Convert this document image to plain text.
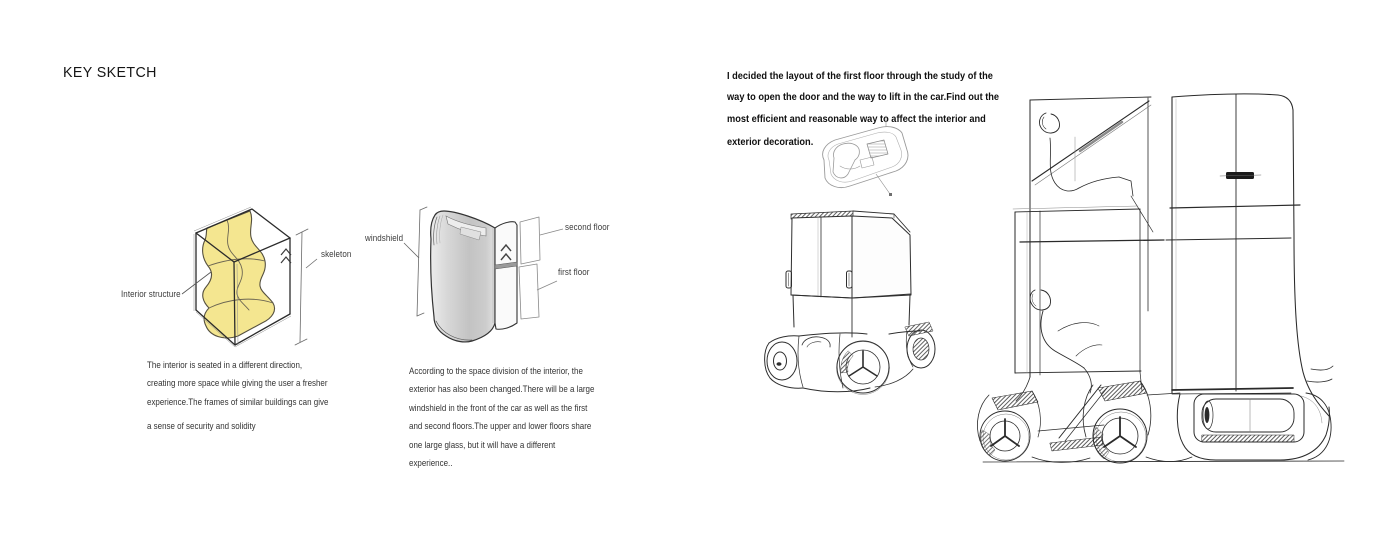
KEY SKETCH
Interior structure
skeleton
The interior is seated in a different direction,
creating more space while giving the user a fresher
experience.The frames of similar buildings can give
a sense of security and solidity
windshield
second floor
first floor
According to the space division of the interior, the
exterior has also been changed.There will be a large
windshield in the front of the car as well as the first
and second floors.The upper and lower floors share
one large glass, but it will have a different
experience..
I decided the layout of the first floor through the study of the
way to open the door and the way to lift in the car.Find out the
most efficient and reasonable way to affect the interior and
exterior decoration.
